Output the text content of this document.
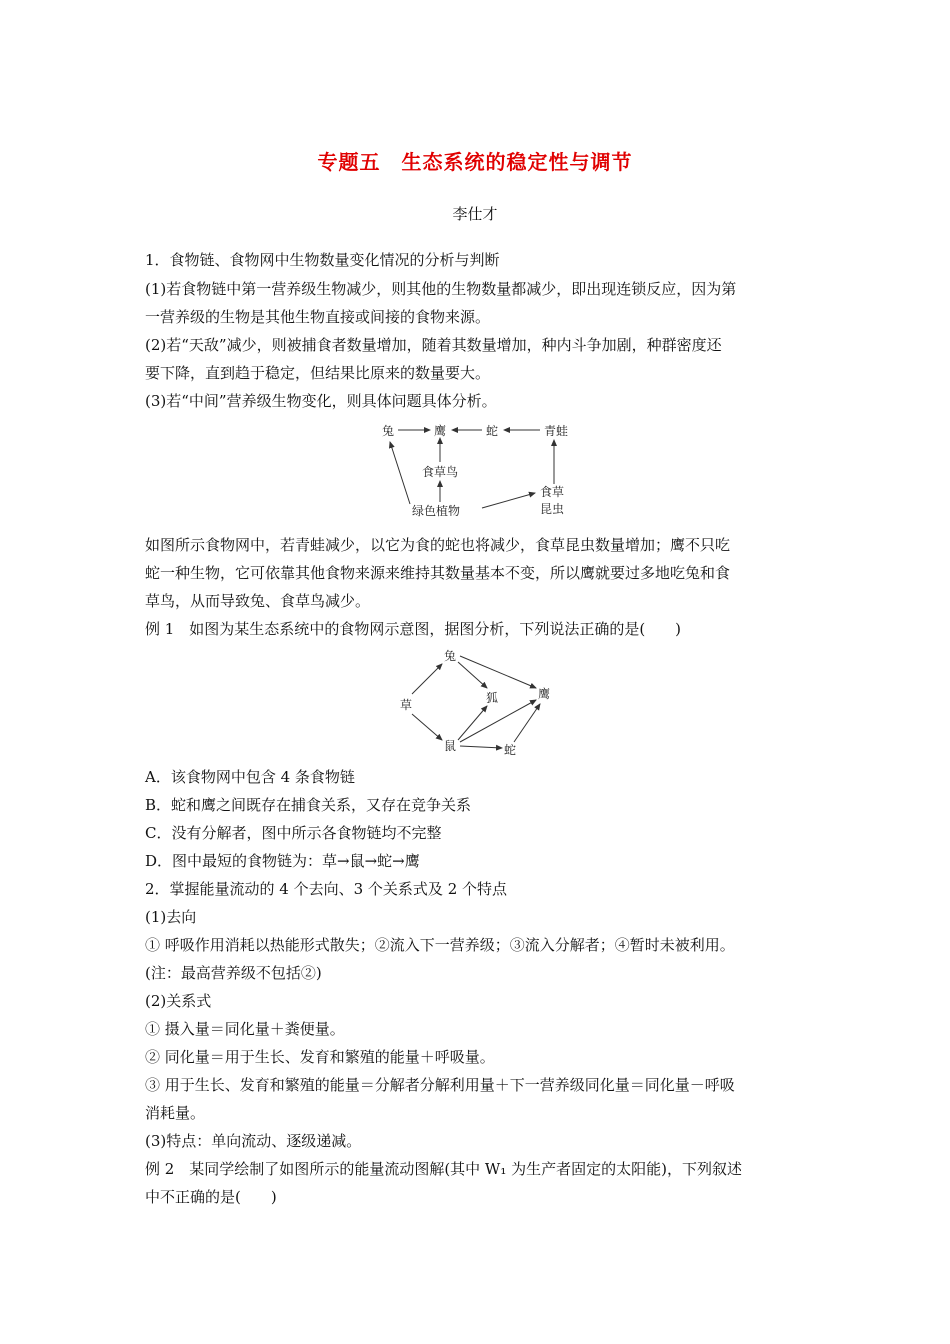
专题五　生态系统的稳定性与调节
李仕才
1．食物链、食物网中生物数量变化情况的分析与判断
(1)若食物链中第一营养级生物减少，则其他的生物数量都减少，即出现连锁反应，因为第
一营养级的生物是其他生物直接或间接的食物来源。
(2)若“天敌”减少，则被捕食者数量增加，随着其数量增加，种内斗争加剧，种群密度还
要下降，直到趋于稳定，但结果比原来的数量要大。
(3)若“中间”营养级生物变化，则具体问题具体分析。
兔	鹰	蛇	青蛙
食草鸟
绿色植物
食草
昆虫
如图所示食物网中，若青蛙减少，以它为食的蛇也将减少，食草昆虫数量增加；鹰不只吃
蛇一种生物，它可依靠其他食物来源来维持其数量基本不变，所以鹰就要过多地吃兔和食
草鸟，从而导致兔、食草鸟减少。
例 1　如图为某生态系统中的食物网示意图，据图分析，下列说法正确的是(　　)
兔
草	狐	鹰
鼠	蛇
A．该食物网中包含 4 条食物链
B．蛇和鹰之间既存在捕食关系，又存在竞争关系
C．没有分解者，图中所示各食物链均不完整
D．图中最短的食物链为：草→鼠→蛇→鹰
2．掌握能量流动的 4 个去向、3 个关系式及 2 个特点
(1)去向
① 呼吸作用消耗以热能形式散失；②流入下一营养级；③流入分解者；④暂时未被利用。
(注：最高营养级不包括②)
(2)关系式
① 摄入量＝同化量＋粪便量。
② 同化量＝用于生长、发育和繁殖的能量＋呼吸量。
③ 用于生长、发育和繁殖的能量＝分解者分解利用量＋下一营养级同化量＝同化量－呼吸
消耗量。
(3)特点：单向流动、逐级递减。
例 2　某同学绘制了如图所示的能量流动图解(其中 W₁ 为生产者固定的太阳能)，下列叙述
中不正确的是(　　)
